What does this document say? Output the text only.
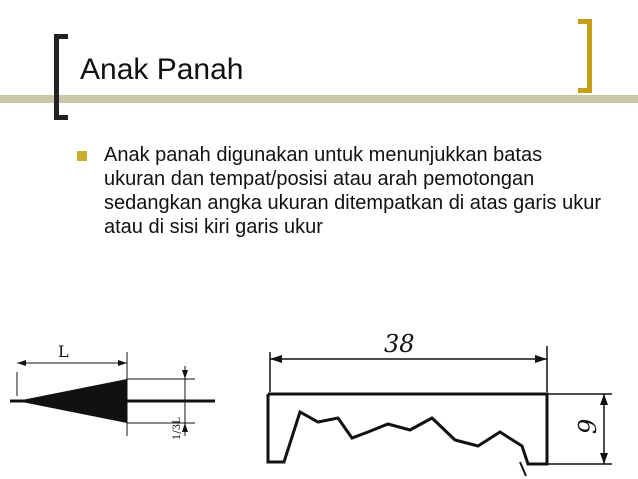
Anak Panah

Anak panah digunakan untuk menunjukkan batas ukuran dan tempat/posisi atau arah pemotongan sedangkan angka ukuran ditempatkan di atas garis ukur atau di sisi kiri garis ukur

L
1/3L
38
9
